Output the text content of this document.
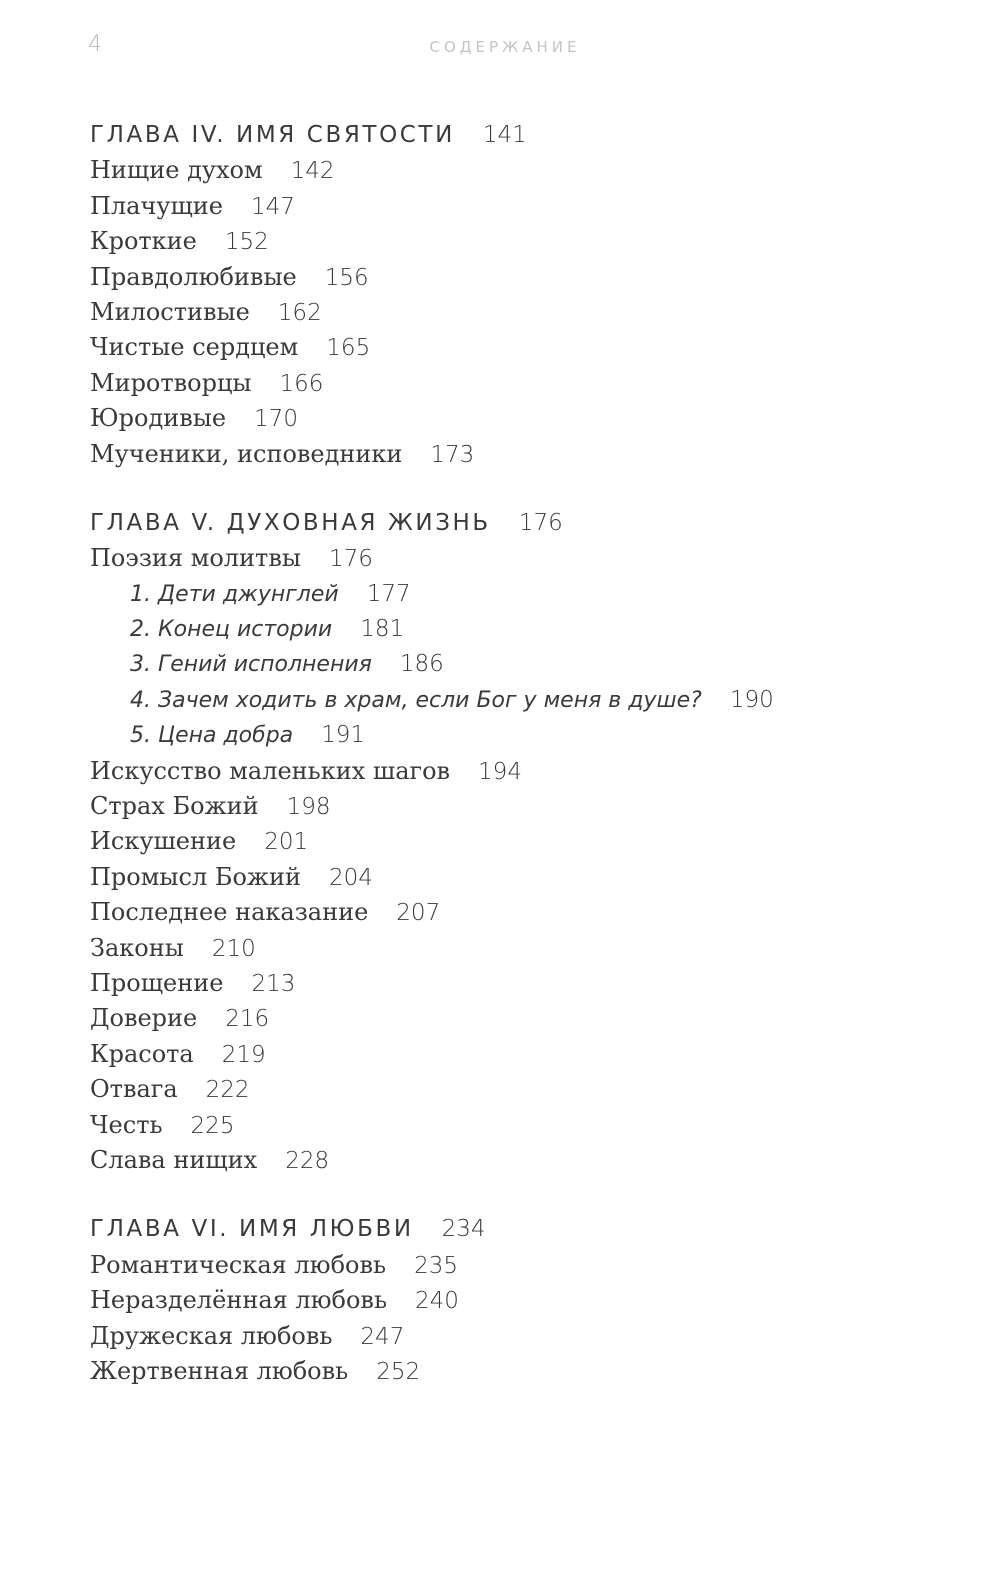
4	СОДЕРЖАНИЕ
ГЛАВА IV. ИМЯ СВЯТОСТИ 141
Нищие духом 142
Плачущие 147
Кроткие 152
Правдолюбивые 156
Милостивые 162
Чистые сердцем 165
Миротворцы 166
Юродивые 170
Мученики, исповедники 173
ГЛАВА V. ДУХОВНАЯ ЖИЗНЬ 176
Поэзия молитвы 176
1. Дети джунглей 177
2. Конец истории 181
3. Гений исполнения 186
4. Зачем ходить в храм, если Бог у меня в душе? 190
5. Цена добра 191
Искусство маленьких шагов 194
Страх Божий 198
Искушение 201
Промысл Божий 204
Последнее наказание 207
Законы 210
Прощение 213
Доверие 216
Красота 219
Отвага 222
Честь 225
Слава нищих 228
ГЛАВА VI. ИМЯ ЛЮБВИ 234
Романтическая любовь 235
Неразделённая любовь 240
Дружеская любовь 247
Жертвенная любовь 252
